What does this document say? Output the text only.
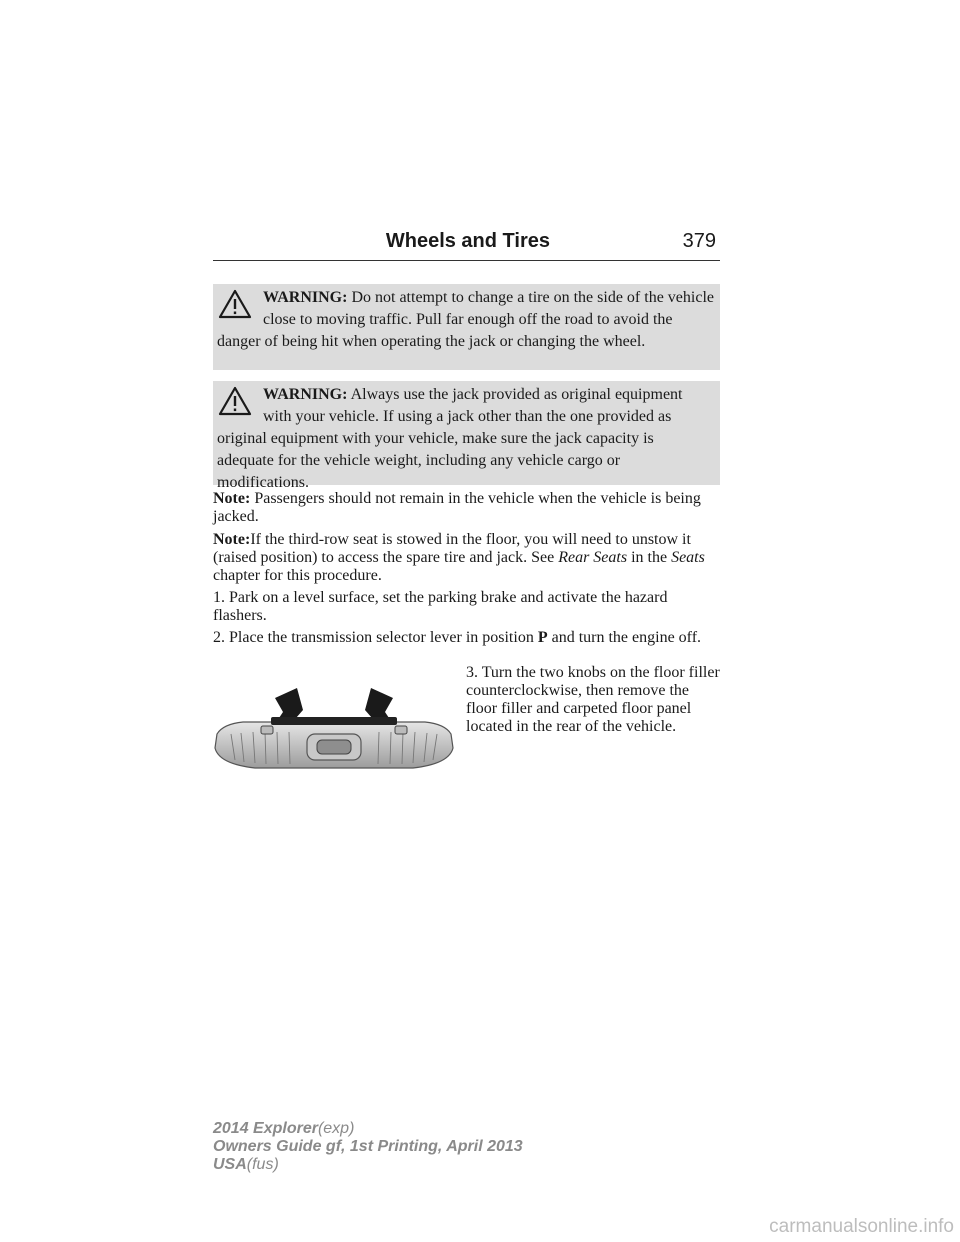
Wheels and Tires	379
WARNING: Do not attempt to change a tire on the side of the vehicle close to moving traffic. Pull far enough off the road to avoid the danger of being hit when operating the jack or changing the wheel.
WARNING: Always use the jack provided as original equipment with your vehicle. If using a jack other than the one provided as original equipment with your vehicle, make sure the jack capacity is adequate for the vehicle weight, including any vehicle cargo or modifications.
Note: Passengers should not remain in the vehicle when the vehicle is being jacked.
Note:If the third-row seat is stowed in the floor, you will need to unstow it (raised position) to access the spare tire and jack. See Rear Seats in the Seats chapter for this procedure.
1. Park on a level surface, set the parking brake and activate the hazard flashers.
2. Place the transmission selector lever in position P and turn the engine off.
3. Turn the two knobs on the floor filler counterclockwise, then remove the floor filler and carpeted floor panel located in the rear of the vehicle.
2014 Explorer(exp)
Owners Guide gf, 1st Printing, April 2013
USA(fus)
carmanualsonline.info
